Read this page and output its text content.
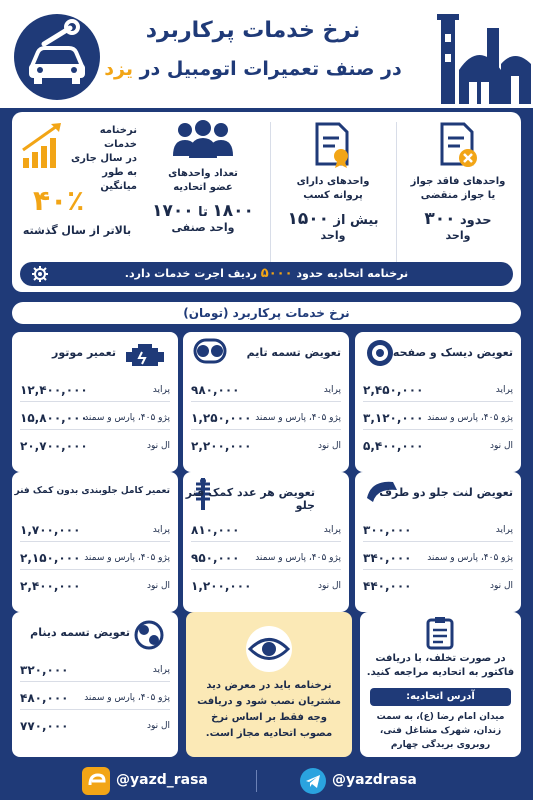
نرخ خدمات پرکاربرد
در صنف تعمیرات اتومبیل در یزد
واحدهای فاقد جواز
یا جواز منقضی
حدود ۳۰۰
واحد
واحدهای دارای
پروانه کسب
بیش از ۱۵۰۰
واحد
تعداد واحدهای
عضو اتحادیه
۱۸۰۰ تا ۱۷۰۰
واحد صنفی
نرخنامه خدمات
در سال جاری
به طور میانگین
۴۰٪
بالاتر از سال گذشته
نرخنامه اتحادیه حدود ۵۰۰۰ ردیف اجرت خدمات دارد.
نرخ خدمات پرکاربرد (تومان)
تعویض دیسک و صفحه
پراید
۲,۴۵۰,۰۰۰
پژو ۴۰۵، پارس و سمند
۳,۱۲۰,۰۰۰
ال نود
۵,۴۰۰,۰۰۰
تعویض تسمه تایم
پراید
۹۸۰,۰۰۰
پژو ۴۰۵، پارس و سمند
۱,۲۵۰,۰۰۰
ال نود
۲,۲۰۰,۰۰۰
تعمیر موتور
پراید
۱۲,۴۰۰,۰۰۰
پژو ۴۰۵، پارس و سمند
۱۵,۸۰۰,۰۰۰
ال نود
۲۰,۷۰۰,۰۰۰
تعویض لنت جلو دو طرف
پراید
۳۰۰,۰۰۰
پژو ۴۰۵، پارس و سمند
۳۴۰,۰۰۰
ال نود
۴۴۰,۰۰۰
تعویض هر عدد کمک فنر جلو
پراید
۸۱۰,۰۰۰
پژو ۴۰۵، پارس و سمند
۹۵۰,۰۰۰
ال نود
۱,۲۰۰,۰۰۰
تعمیر کامل جلوبندی بدون کمک فنر
پراید
۱,۷۰۰,۰۰۰
پژو ۴۰۵، پارس و سمند
۲,۱۵۰,۰۰۰
ال نود
۲,۴۰۰,۰۰۰
تعویض تسمه دینام
پراید
۳۲۰,۰۰۰
پژو ۴۰۵، پارس و سمند
۴۸۰,۰۰۰
ال نود
۷۷۰,۰۰۰
نرخنامه باید در معرض دید مشتریان نصب شود و دریافت وجه فقط بر اساس نرخ مصوب اتحادیه مجاز است.
در صورت تخلف، با دریافت فاکتور به اتحادیه مراجعه کنید.
آدرس اتحادیه:
میدان امام رضا (ع)، به سمت زندان، شهرک مشاغل فنی، روبروی بریدگی چهارم
@yazd_rasa	@yazdrasa
